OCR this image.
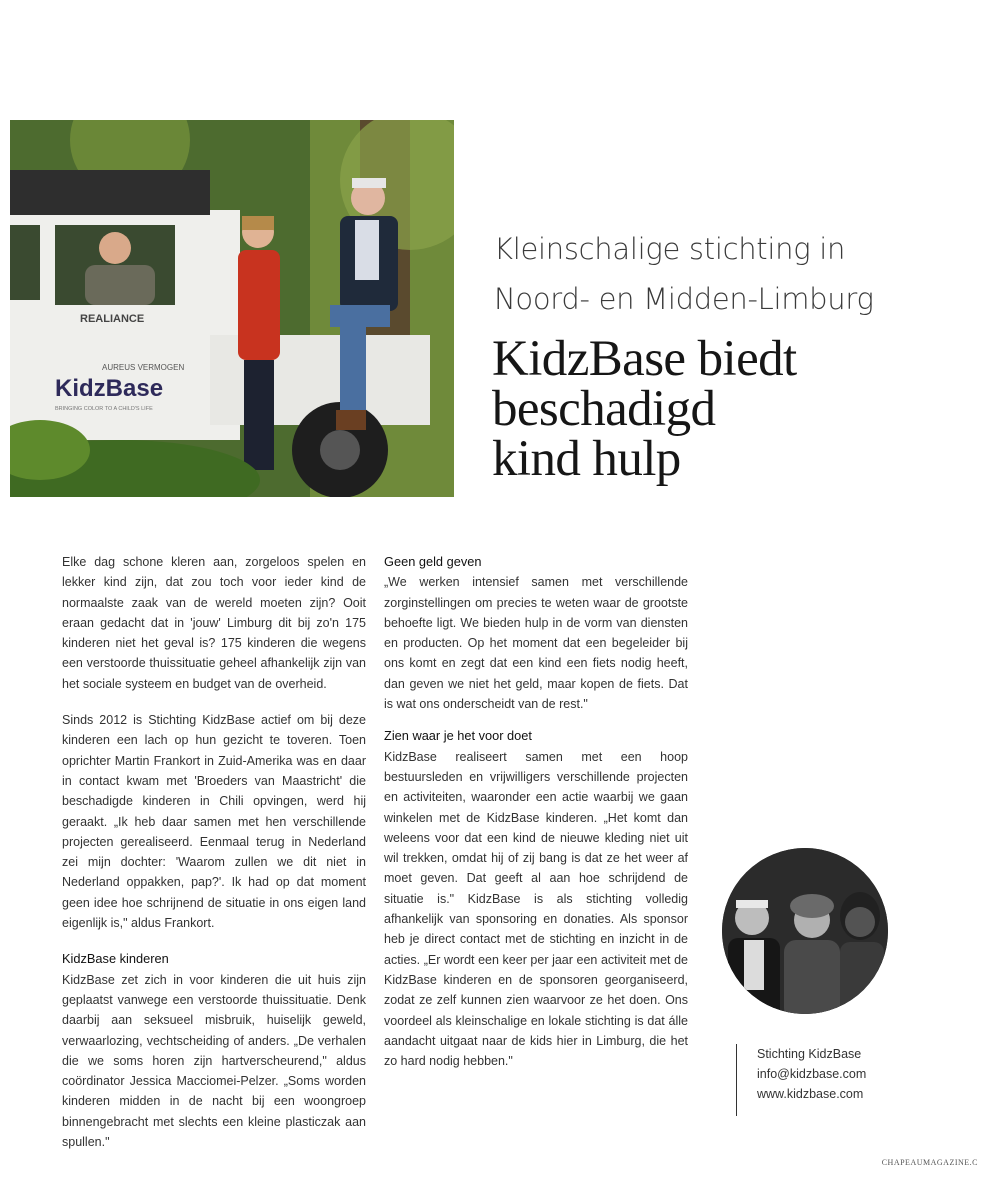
REALIANCE
AUREUS VERMOGEN
KidzBase
BRINGING COLOR TO A CHILD'S LIFE
Kleinschalige stichting in
Noord- en Midden-Limburg
KidzBase biedt
beschadigd
kind hulp

Elke dag schone kleren aan, zorgeloos spelen en lekker kind zijn, dat zou toch voor ieder kind de normaalste zaak van de wereld moeten zijn? Ooit eraan gedacht dat in 'jouw' Limburg dit bij zo'n 175 kinderen niet het geval is? 175 kinderen die wegens een verstoorde thuissituatie geheel afhankelijk zijn van het sociale systeem en budget van de overheid.

Sinds 2012 is Stichting KidzBase actief om bij deze kinderen een lach op hun gezicht te toveren. Toen oprichter Martin Frankort in Zuid-Amerika was en daar in contact kwam met 'Broeders van Maastricht' die beschadigde kinderen in Chili opvingen, werd hij geraakt. „Ik heb daar samen met hen verschillende projecten gerealiseerd. Eenmaal terug in Nederland zei mijn dochter: 'Waarom zullen we dit niet in Nederland oppakken, pap?'. Ik had op dat moment geen idee hoe schrijnend de situatie in ons eigen land eigenlijk is," aldus Frankort.

KidzBase kinderen

KidzBase zet zich in voor kinderen die uit huis zijn geplaatst vanwege een verstoorde thuissituatie. Denk daarbij aan seksueel misbruik, huiselijk geweld, verwaarlozing, vechtscheiding of anders. „De verhalen die we soms horen zijn hartverscheurend," aldus coördinator Jessica Macciomei-Pelzer. „Soms worden kinderen midden in de nacht bij een woongroep binnengebracht met slechts een kleine plasticzak aan spullen."

Geen geld geven

„We werken intensief samen met verschillende zorginstellingen om precies te weten waar de grootste behoefte ligt. We bieden hulp in de vorm van diensten en producten. Op het moment dat een begeleider bij ons komt en zegt dat een kind een fiets nodig heeft, dan geven we niet het geld, maar kopen de fiets. Dat is wat ons onderscheidt van de rest."

Zien waar je het voor doet

KidzBase realiseert samen met een hoop bestuursleden en vrijwilligers verschillende projecten en activiteiten, waaronder een actie waarbij we gaan winkelen met de KidzBase kinderen. „Het komt dan weleens voor dat een kind de nieuwe kleding niet uit wil trekken, omdat hij of zij bang is dat ze het weer af moet geven. Dat geeft al aan hoe schrijdend de situatie is." KidzBase is als stichting volledig afhankelijk van sponsoring en donaties. Als sponsor heb je direct contact met de stichting en inzicht in de acties. „Er wordt een keer per jaar een activiteit met de KidzBase kinderen en de sponsoren georganiseerd, zodat ze zelf kunnen zien waarvoor ze het doen. Ons voordeel als kleinschalige en lokale stichting is dat álle aandacht uitgaat naar de kids hier in Limburg, die het zo hard nodig hebben."

Stichting KidzBase
info@kidzbase.com
www.kidzbase.com
CHAPEAUMAGAZINE.C
